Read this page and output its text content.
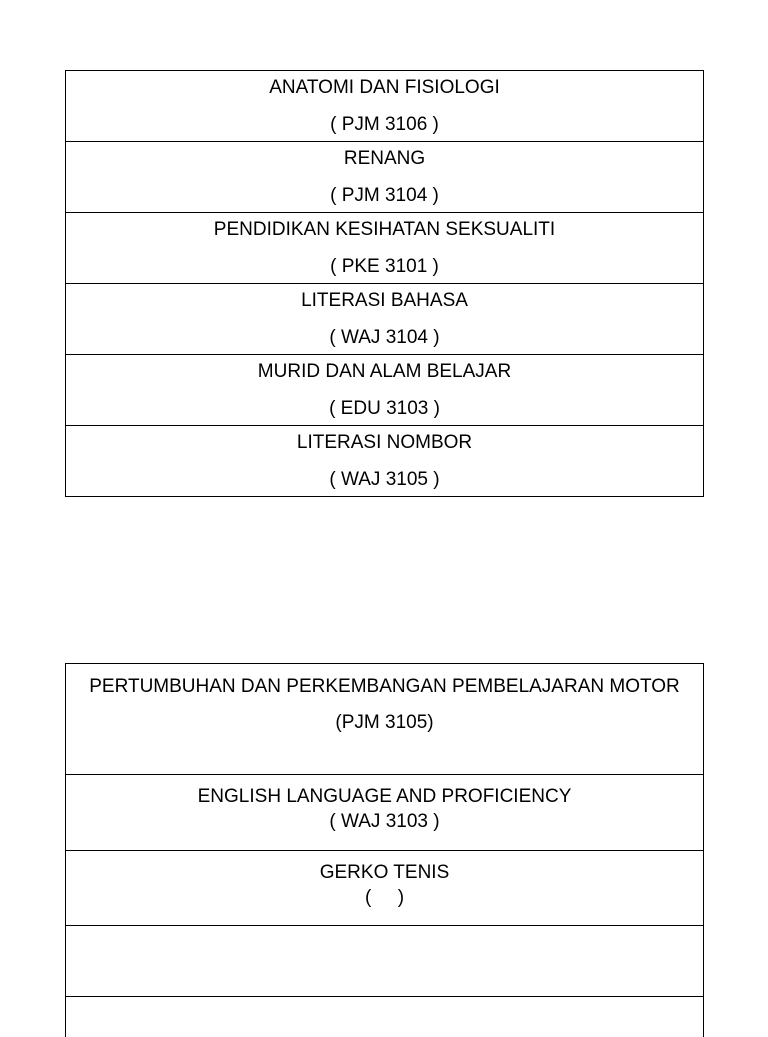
ANATOMI DAN FISIOLOGI
( PJM 3106 )
RENANG
( PJM 3104 )
PENDIDIKAN KESIHATAN SEKSUALITI
( PKE 3101 )
LITERASI BAHASA
( WAJ 3104 )
MURID DAN ALAM BELAJAR
( EDU 3103 )
LITERASI NOMBOR
( WAJ 3105 )
PERTUMBUHAN DAN PERKEMBANGAN PEMBELAJARAN MOTOR
(PJM 3105)
ENGLISH LANGUAGE AND PROFICIENCY
( WAJ 3103 )
GERKO TENIS
(     )
